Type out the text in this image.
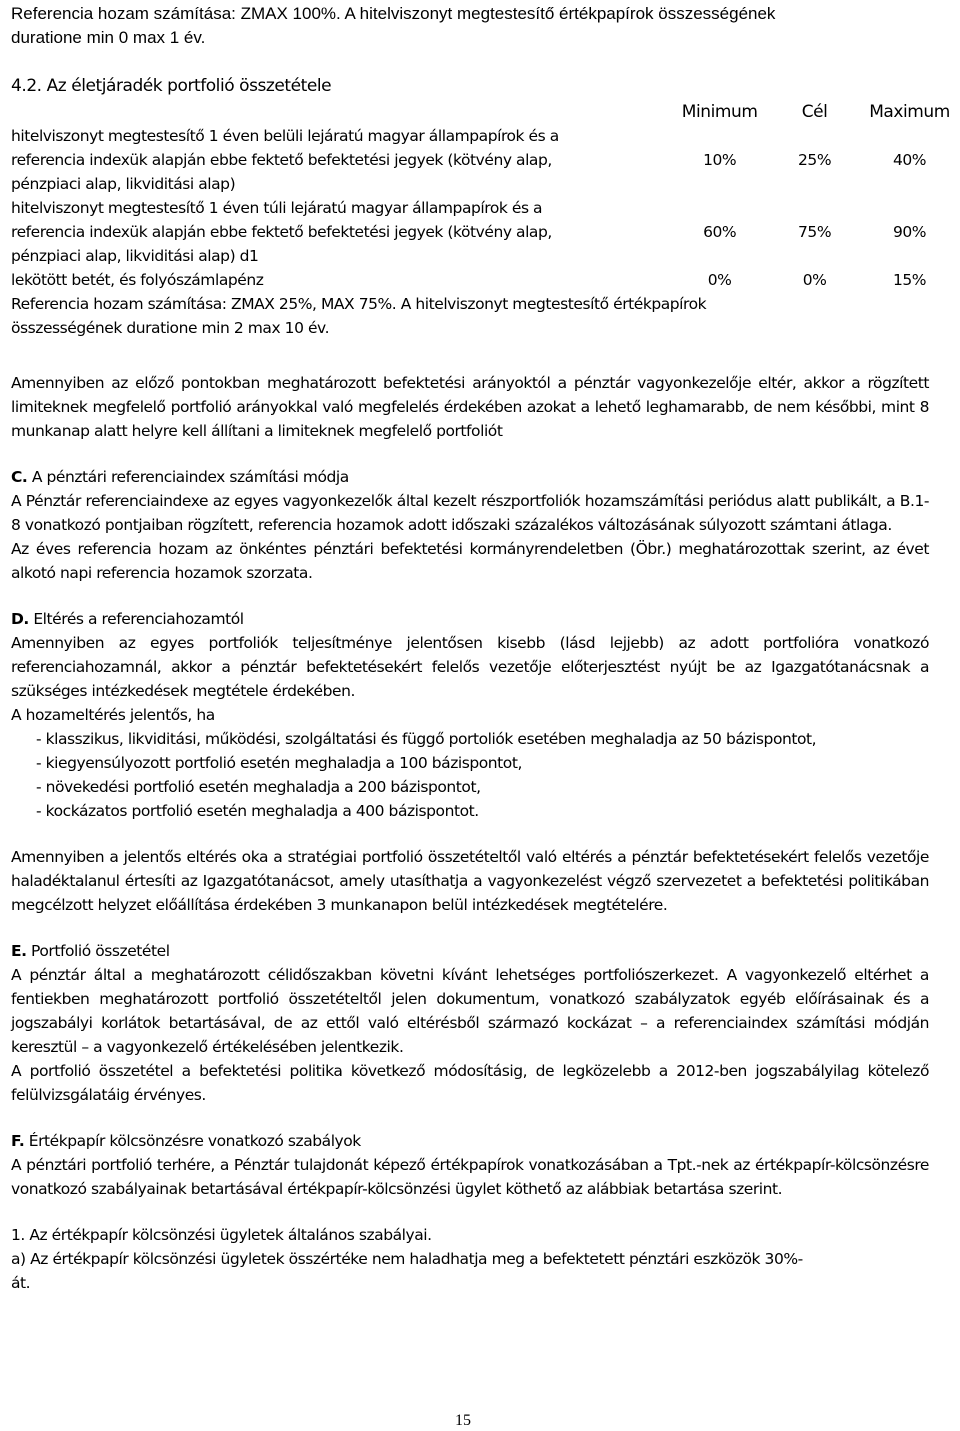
Referencia hozam számítása: ZMAX 100%. A hitelviszonyt megtestesítő értékpapírok összességének

duratione min 0 max 1 év.

4.2. Az életjáradék portfolió összetétele

	Minimum	Cél	Maximum

hitelviszonyt megtestesítő 1 éven belüli lejáratú magyar állampapírok és a
referencia indexük alapján ebbe fektető befektetési jegyek (kötvény alap,
pénzpiaci alap, likviditási alap)	10%	25%	40%

hitelviszonyt megtestesítő 1 éven túli lejáratú magyar állampapírok és a
referencia indexük alapján ebbe fektető befektetési jegyek (kötvény alap,
pénzpiaci alap, likviditási alap) d1	60%	75%	90%

lekötött betét, és folyószámlapénz	0%	0%	15%

Referencia hozam számítása: ZMAX 25%, MAX 75%. A hitelviszonyt megtestesítő értékpapírok

összességének duratione min 2 max 10 év.

Amennyiben az előző pontokban meghatározott befektetési arányoktól a pénztár vagyonkezelője eltér, akkor a rögzített limiteknek megfelelő portfolió arányokkal való megfelelés érdekében azokat a lehető leghamarabb, de nem későbbi, mint 8 munkanap alatt helyre kell állítani a limiteknek megfelelő portfoliót

C. A pénztári referenciaindex számítási módja

A Pénztár referenciaindexe az egyes vagyonkezelők által kezelt részportfoliók hozamszámítási periódus alatt publikált, a B.1-8 vonatkozó pontjaiban rögzített, referencia hozamok adott időszaki százalékos változásának súlyozott számtani átlaga.

Az éves referencia hozam az önkéntes pénztári befektetési kormányrendeletben (Öbr.) meghatározottak szerint, az évet alkotó napi referencia hozamok szorzata.

D. Eltérés a referenciahozamtól

Amennyiben az egyes portfoliók teljesítménye jelentősen kisebb (lásd lejjebb) az adott portfolióra vonatkozó referenciahozamnál, akkor a pénztár befektetésekért felelős vezetője előterjesztést nyújt be az Igazgatótanácsnak a szükséges intézkedések megtétele érdekében.

A hozameltérés jelentős, ha

- klasszikus, likviditási, működési, szolgáltatási és függő portoliók esetében meghaladja az 50 bázispontot,
- kiegyensúlyozott portfolió esetén meghaladja a 100 bázispontot,
- növekedési portfolió esetén meghaladja a 200 bázispontot,
- kockázatos portfolió esetén meghaladja a 400 bázispontot.

Amennyiben a jelentős eltérés oka a stratégiai portfolió összetételtől való eltérés a pénztár befektetésekért felelős vezetője haladéktalanul értesíti az Igazgatótanácsot, amely utasíthatja a vagyonkezelést végző szervezetet a befektetési politikában megcélzott helyzet előállítása érdekében 3 munkanapon belül intézkedések megtételére.

E. Portfolió összetétel

A pénztár által a meghatározott célidőszakban követni kívánt lehetséges portfoliószerkezet. A vagyonkezelő eltérhet a fentiekben meghatározott portfolió összetételtől jelen dokumentum, vonatkozó szabályzatok egyéb előírásainak és a jogszabályi korlátok betartásával, de az ettől való eltérésből származó kockázat – a referenciaindex számítási módján keresztül – a vagyonkezelő értékelésében jelentkezik.

A portfolió összetétel a befektetési politika következő módosításig, de legközelebb a 2012-ben jogszabályilag kötelező felülvizsgálatáig érvényes.

F. Értékpapír kölcsönzésre vonatkozó szabályok

A pénztári portfolió terhére, a Pénztár tulajdonát képező értékpapírok vonatkozásában a Tpt.-nek az értékpapír-kölcsönzésre vonatkozó szabályainak betartásával értékpapír-kölcsönzési ügylet köthető az alábbiak betartása szerint.

1. Az értékpapír kölcsönzési ügyletek általános szabályai.

a) Az értékpapír kölcsönzési ügyletek összértéke nem haladhatja meg a befektetett pénztári eszközök 30%-

át.

15
